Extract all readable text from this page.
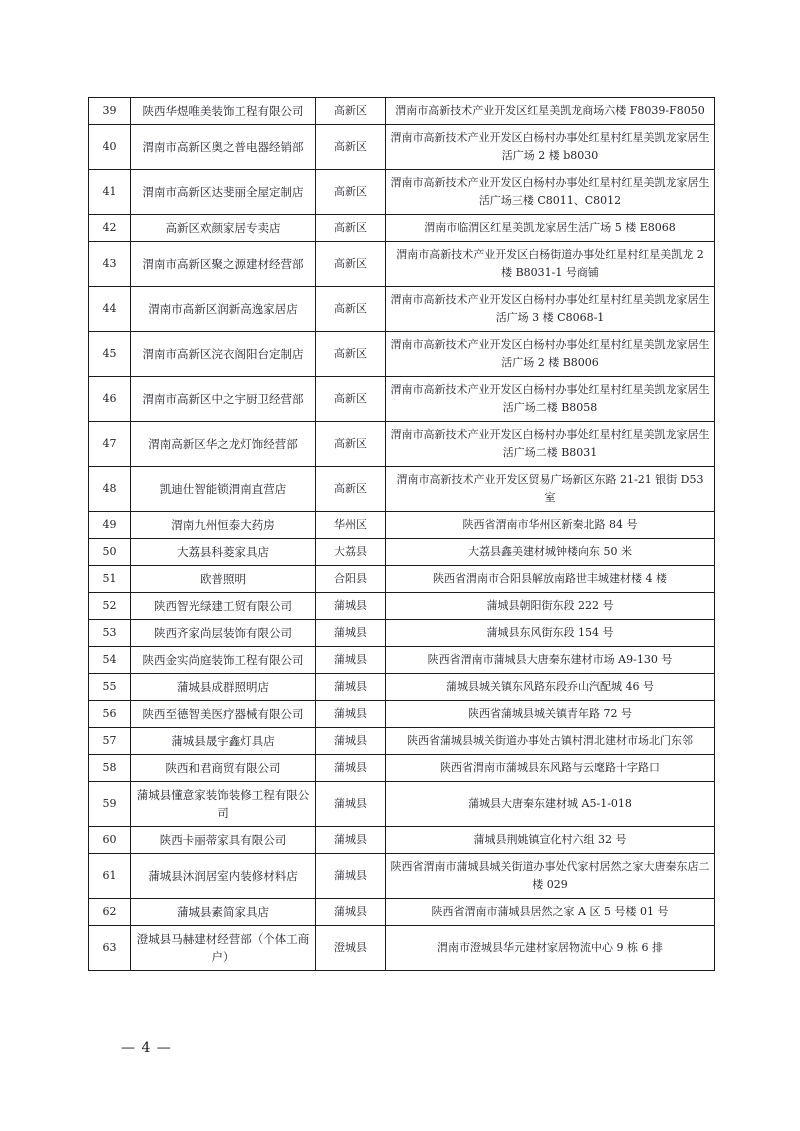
39	陕西华煜唯美装饰工程有限公司	高新区	渭南市高新技术产业开发区红星美凯龙商场六楼 F8039-F8050
40	渭南市高新区奥之普电器经销部	高新区	渭南市高新技术产业开发区白杨村办事处红星村红星美凯龙家居生活广场 2 楼 b8030
41	渭南市高新区达斐丽全屋定制店	高新区	渭南市高新技术产业开发区白杨村办事处红星村红星美凯龙家居生活广场三楼 C8011、C8012
42	高新区欢颜家居专卖店	高新区	渭南市临渭区红星美凯龙家居生活广场 5 楼 E8068
43	渭南市高新区聚之源建材经营部	高新区	渭南市高新技术产业开发区白杨街道办事处红星村红星美凯龙 2 楼 B8031-1 号商铺
44	渭南市高新区润新高逸家居店	高新区	渭南市高新技术产业开发区白杨村办事处红星村红星美凯龙家居生活广场 3 楼 C8068-1
45	渭南市高新区浣衣阁阳台定制店	高新区	渭南市高新技术产业开发区白杨村办事处红星村红星美凯龙家居生活广场 2 楼 B8006
46	渭南市高新区中之宇厨卫经营部	高新区	渭南市高新技术产业开发区白杨村办事处红星村红星美凯龙家居生活广场二楼 B8058
47	渭南高新区华之龙灯饰经营部	高新区	渭南市高新技术产业开发区白杨村办事处红星村红星美凯龙家居生活广场二楼 B8031
48	凯迪仕智能锁渭南直营店	高新区	渭南市高新技术产业开发区贸易广场新区东路 21-21 银街 D53 室
49	渭南九州恒泰大药房	华州区	陕西省渭南市华州区新秦北路 84 号
50	大荔县科菱家具店	大荔县	大荔县鑫美建材城钟楼向东 50 米
51	欧普照明	合阳县	陕西省渭南市合阳县解放南路世丰城建材楼 4 楼
52	陕西智光绿建工贸有限公司	蒲城县	蒲城县朝阳街东段 222 号
53	陕西齐家尚层装饰有限公司	蒲城县	蒲城县东风街东段 154 号
54	陕西金实尚庭装饰工程有限公司	蒲城县	陕西省渭南市蒲城县大唐秦东建材市场 A9-130 号
55	蒲城县成群照明店	蒲城县	蒲城县城关镇东风路东段乔山汽配城 46 号
56	陕西至德智美医疗器械有限公司	蒲城县	陕西省蒲城县城关镇青年路 72 号
57	蒲城县晟宇鑫灯具店	蒲城县	陕西省蒲城县城关街道办事处古镇村渭北建材市场北门东邻
58	陕西和君商贸有限公司	蒲城县	陕西省渭南市蒲城县东风路与云麾路十字路口
59	蒲城县懂意家装饰装修工程有限公司	蒲城县	蒲城县大唐秦东建材城 A5-1-018
60	陕西卡丽蒂家具有限公司	蒲城县	蒲城县荆姚镇宣化村六组 32 号
61	蒲城县沐润居室内装修材料店	蒲城县	陕西省渭南市蒲城县城关街道办事处代家村居然之家大唐秦东店二楼 029
62	蒲城县素简家具店	蒲城县	陕西省渭南市蒲城县居然之家 A 区 5 号楼 01 号
63	澄城县马赫建材经营部（个体工商户）	澄城县	渭南市澄城县华元建材家居物流中心 9 栋 6 排
— 4 —
